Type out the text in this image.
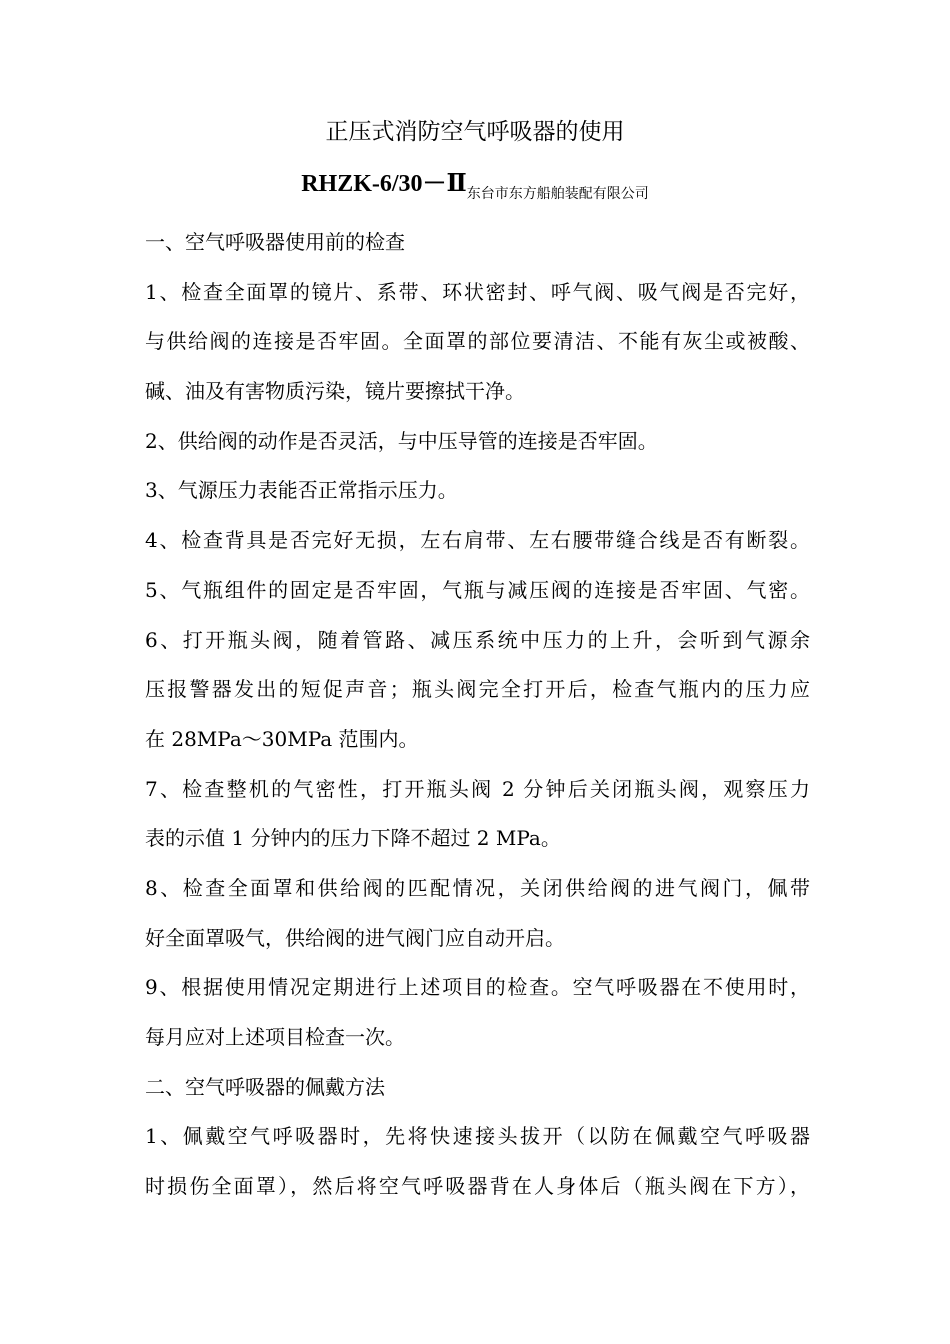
正压式消防空气呼吸器的使用
RHZK-6/30－Ⅱ东台市东方船舶装配有限公司
一、空气呼吸器使用前的检查
1、检查全面罩的镜片、系带、环状密封、呼气阀、吸气阀是否完好，
与供给阀的连接是否牢固。全面罩的部位要清洁、不能有灰尘或被酸、
碱、油及有害物质污染，镜片要擦拭干净。
2、供给阀的动作是否灵活，与中压导管的连接是否牢固。
3、气源压力表能否正常指示压力。
4、检查背具是否完好无损，左右肩带、左右腰带缝合线是否有断裂。
5、气瓶组件的固定是否牢固，气瓶与减压阀的连接是否牢固、气密。
6、打开瓶头阀，随着管路、减压系统中压力的上升，会听到气源余
压报警器发出的短促声音；瓶头阀完全打开后，检查气瓶内的压力应
在 28MPa～30MPa 范围内。
7、检查整机的气密性，打开瓶头阀 2 分钟后关闭瓶头阀，观察压力
表的示值 1 分钟内的压力下降不超过 2 MPa。
8、检查全面罩和供给阀的匹配情况，关闭供给阀的进气阀门，佩带
好全面罩吸气，供给阀的进气阀门应自动开启。
9、根据使用情况定期进行上述项目的检查。空气呼吸器在不使用时，
每月应对上述项目检查一次。
二、空气呼吸器的佩戴方法
1、佩戴空气呼吸器时，先将快速接头拔开（以防在佩戴空气呼吸器
时损伤全面罩），然后将空气呼吸器背在人身体后（瓶头阀在下方），
